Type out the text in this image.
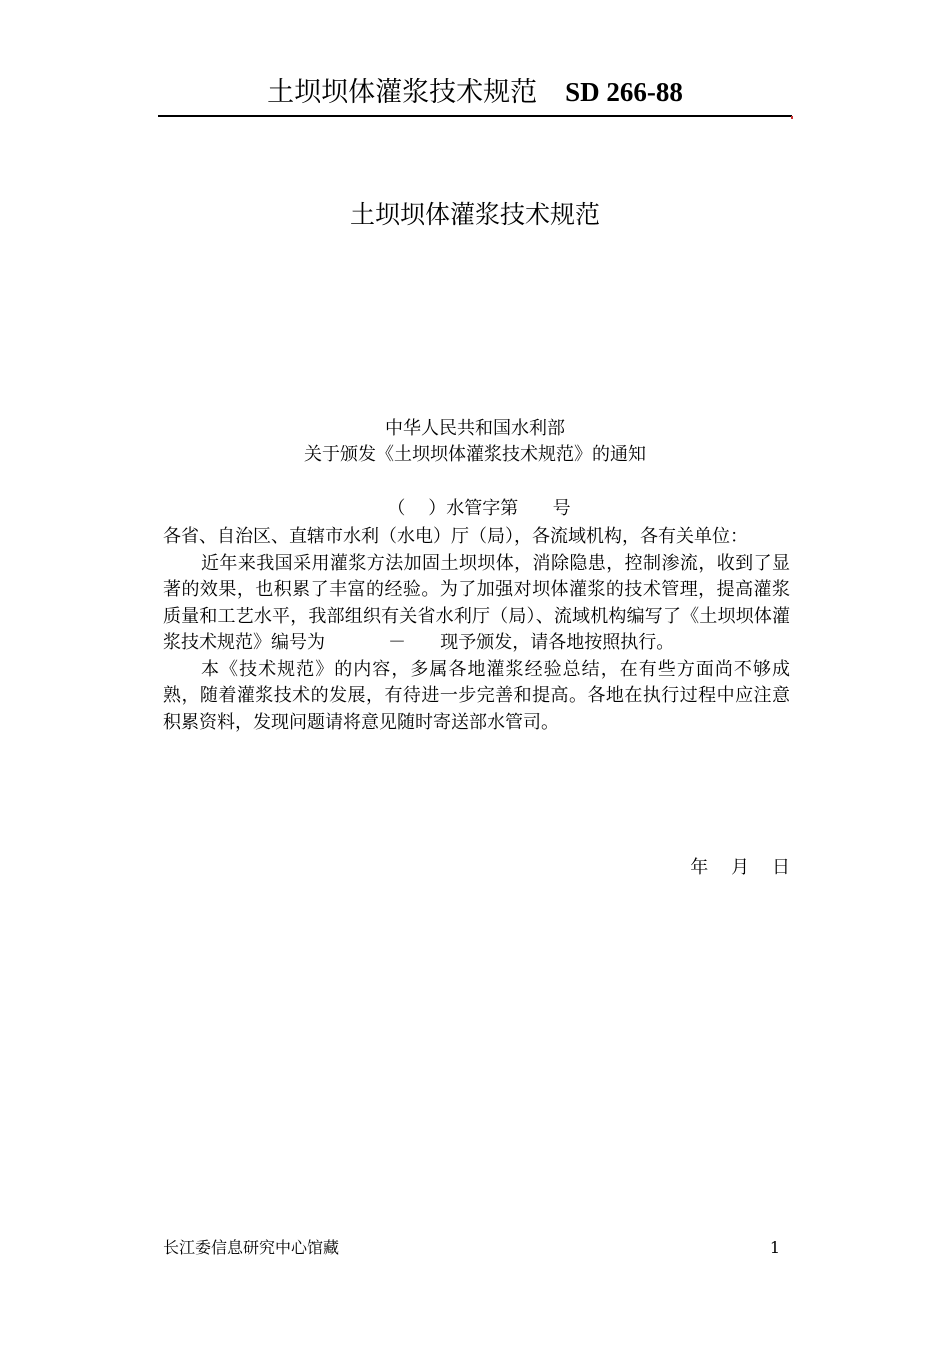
土坝坝体灌浆技术规范 SD 266-88
土坝坝体灌浆技术规范
中华人民共和国水利部
关于颁发《土坝坝体灌浆技术规范》的通知
（    ）水管字第      号

各省、自治区、直辖市水利（水电）厅（局），各流域机构，各有关单位：

近年来我国采用灌浆方法加固土坝坝体，消除隐患，控制渗流，收到了显著的效果，也积累了丰富的经验。为了加强对坝体灌浆的技术管理，提高灌浆质量和工艺水平，我部组织有关省水利厅（局）、流域机构编写了《土坝坝体灌浆技术规范》编号为           －      现予颁发，请各地按照执行。

本《技术规范》的内容，多属各地灌浆经验总结，在有些方面尚不够成熟，随着灌浆技术的发展，有待进一步完善和提高。各地在执行过程中应注意积累资料，发现问题请将意见随时寄送部水管司。

年    月    日
长江委信息研究中心馆藏	1
